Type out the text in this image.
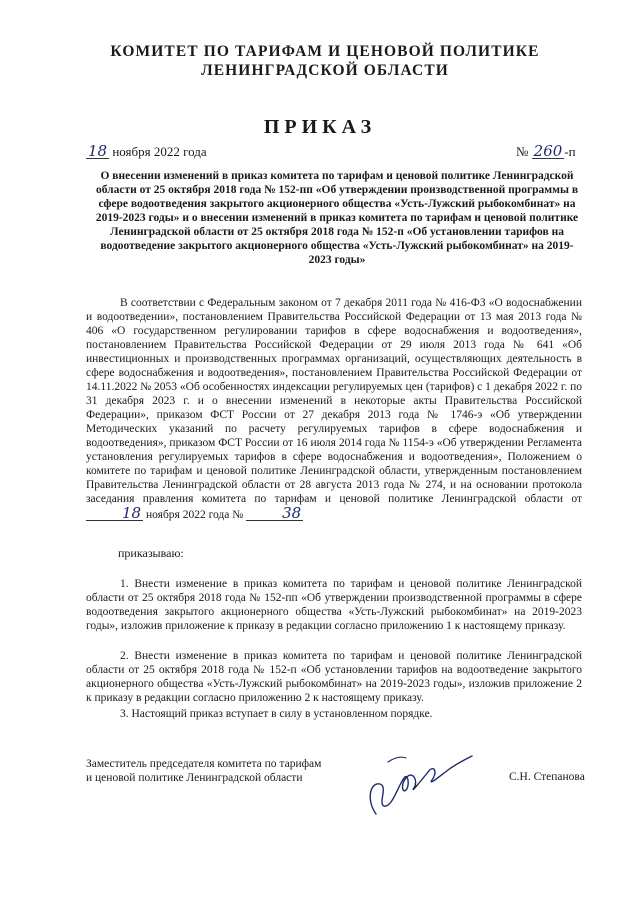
КОМИТЕТ ПО ТАРИФАМ И ЦЕНОВОЙ ПОЛИТИКЕ
ЛЕНИНГРАДСКОЙ ОБЛАСТИ
ПРИКАЗ
18 ноября 2022 года	№ 260 -п
О внесении изменений в приказ комитета по тарифам и ценовой политике Ленинградской области от 25 октября 2018 года № 152-пп «Об утверждении производственной программы в сфере водоотведения закрытого акционерного общества «Усть-Лужский рыбокомбинат» на 2019-2023 годы» и о внесении изменений в приказ комитета по тарифам и ценовой политике Ленинградской области от 25 октября 2018 года № 152-п «Об установлении тарифов на водоотведение закрытого акционерного общества «Усть-Лужский рыбокомбинат» на 2019-2023 годы»
В соответствии с Федеральным законом от 7 декабря 2011 года № 416-ФЗ «О водоснабжении и водоотведении», постановлением Правительства Российской Федерации от 13 мая 2013 года № 406 «О государственном регулировании тарифов в сфере водоснабжения и водоотведения», постановлением Правительства Российской Федерации от 29 июля 2013 года № 641 «Об инвестиционных и производственных программах организаций, осуществляющих деятельность в сфере водоснабжения и водоотведения», постановлением Правительства Российской Федерации от 14.11.2022 № 2053 «Об особенностях индексации регулируемых цен (тарифов) с 1 декабря 2022 г. по 31 декабря 2023 г. и о внесении изменений в некоторые акты Правительства Российской Федерации», приказом ФСТ России от 27 декабря 2013 года № 1746-э «Об утверждении Методических указаний по расчету регулируемых тарифов в сфере водоснабжения и водоотведения», приказом ФСТ России от 16 июля 2014 года № 1154-э «Об утверждении Регламента установления регулируемых тарифов в сфере водоснабжения и водоотведения», Положением о комитете по тарифам и ценовой политике Ленинградской области, утвержденным постановлением Правительства Ленинградской области от 28 августа 2013 года № 274, и на основании протокола заседания правления комитета по тарифам и ценовой политике Ленинградской области от 18 ноября 2022 года №	38
приказываю:
1. Внести изменение в приказ комитета по тарифам и ценовой политике Ленинградской области от 25 октября 2018 года № 152-пп «Об утверждении производственной программы в сфере водоотведения закрытого акционерного общества «Усть-Лужский рыбокомбинат» на 2019-2023 годы», изложив приложение к приказу в редакции согласно приложению 1 к настоящему приказу.
2. Внести изменение в приказ комитета по тарифам и ценовой политике Ленинградской области от 25 октября 2018 года № 152-п «Об установлении тарифов на водоотведение закрытого акционерного общества «Усть-Лужский рыбокомбинат» на 2019-2023 годы», изложив приложение 2 к приказу в редакции согласно приложению 2 к настоящему приказу.
3. Настоящий приказ вступает в силу в установленном порядке.
Заместитель председателя комитета по тарифам
и ценовой политике Ленинградской области	С.Н. Степанова
